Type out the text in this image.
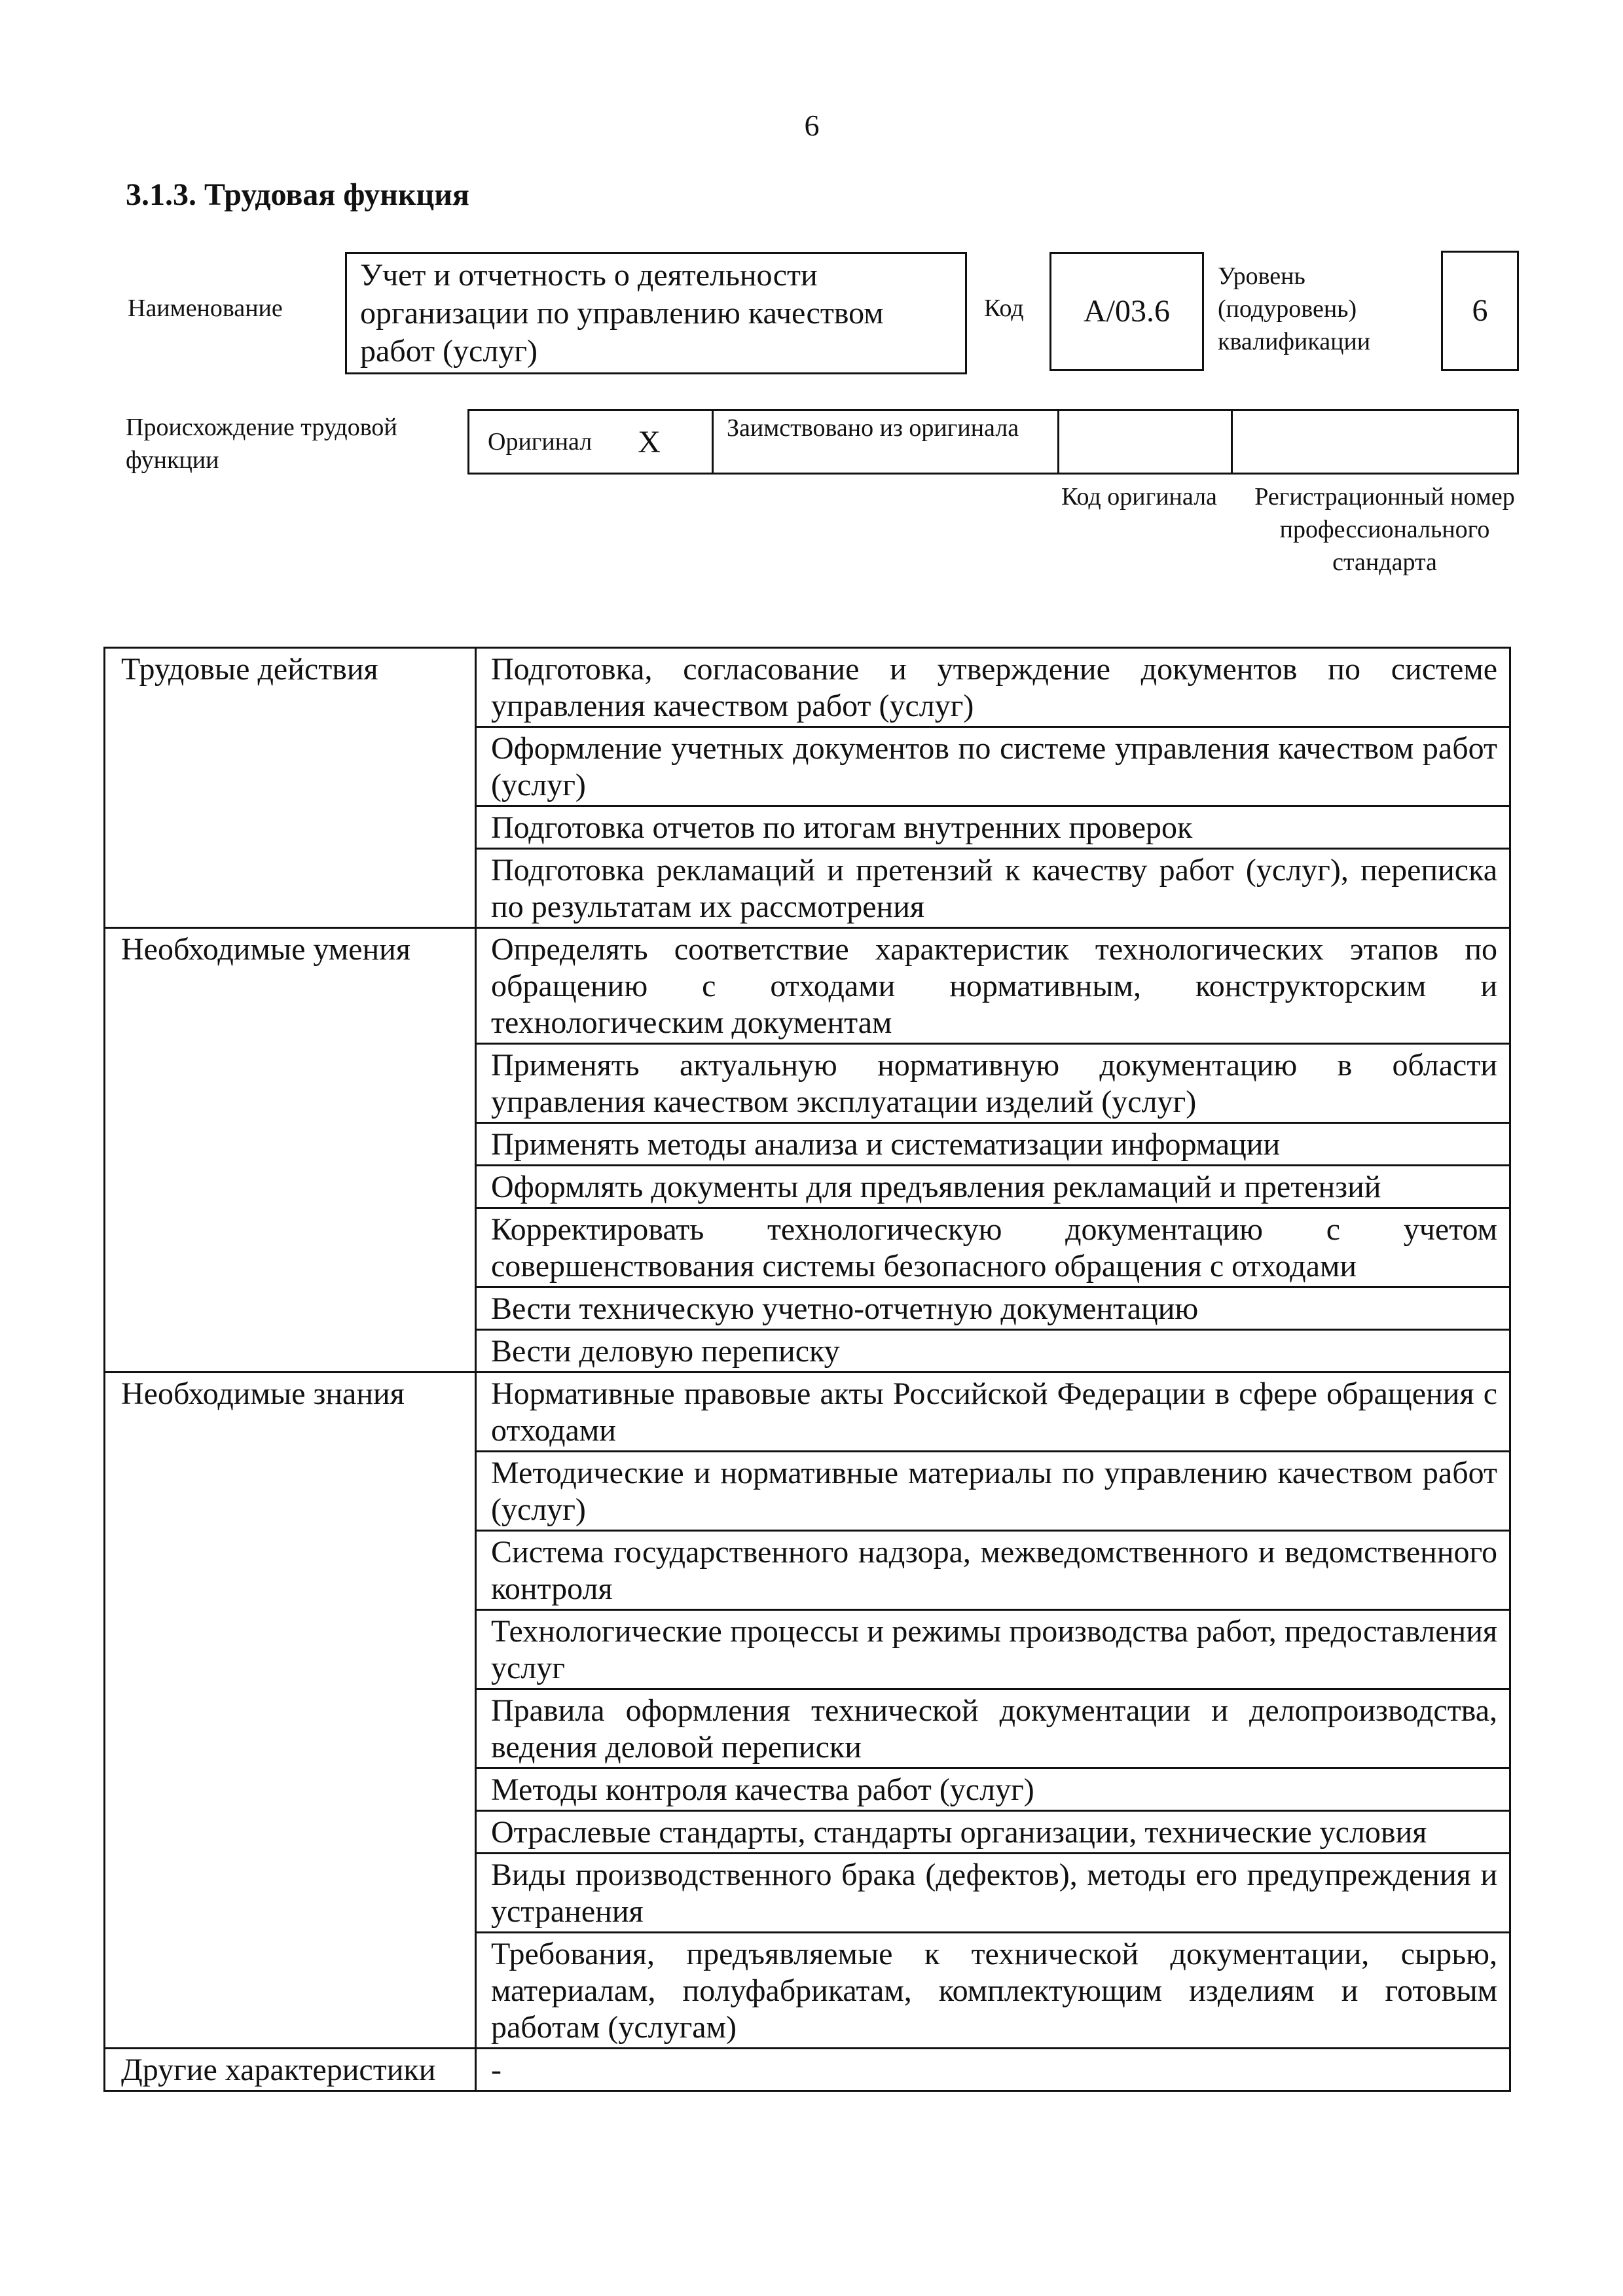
6
3.1.3. Трудовая функция
Наименование
Учет и отчетность о деятельности организации по управлению качеством работ (услуг)
Код	A/03.6
Уровень (подуровень) квалификации
6
Происхождение трудовой функции
Оригинал X	Заимствовано из оригинала
Код оригинала	Регистрационный номер профессионального стандарта
Трудовые действия	Подготовка, согласование и утверждение документов по системе управления качеством работ (услуг)
	Оформление учетных документов по системе управления качеством работ (услуг)
	Подготовка отчетов по итогам внутренних проверок
	Подготовка рекламаций и претензий к качеству работ (услуг), переписка по результатам их рассмотрения
Необходимые умения	Определять соответствие характеристик технологических этапов по обращению с отходами нормативным, конструкторским и технологическим документам
	Применять актуальную нормативную документацию в области управления качеством эксплуатации изделий (услуг)
	Применять методы анализа и систематизации информации
	Оформлять документы для предъявления рекламаций и претензий
	Корректировать технологическую документацию с учетом совершенствования системы безопасного обращения с отходами
	Вести техническую учетно-отчетную документацию
	Вести деловую переписку
Необходимые знания	Нормативные правовые акты Российской Федерации в сфере обращения с отходами
	Методические и нормативные материалы по управлению качеством работ (услуг)
	Система государственного надзора, межведомственного и ведомственного контроля
	Технологические процессы и режимы производства работ, предоставления услуг
	Правила оформления технической документации и делопроизводства, ведения деловой переписки
	Методы контроля качества работ (услуг)
	Отраслевые стандарты, стандарты организации, технические условия
	Виды производственного брака (дефектов), методы его предупреждения и устранения
	Требования, предъявляемые к технической документации, сырью, материалам, полуфабрикатам, комплектующим изделиям и готовым работам (услугам)
Другие характеристики	-
